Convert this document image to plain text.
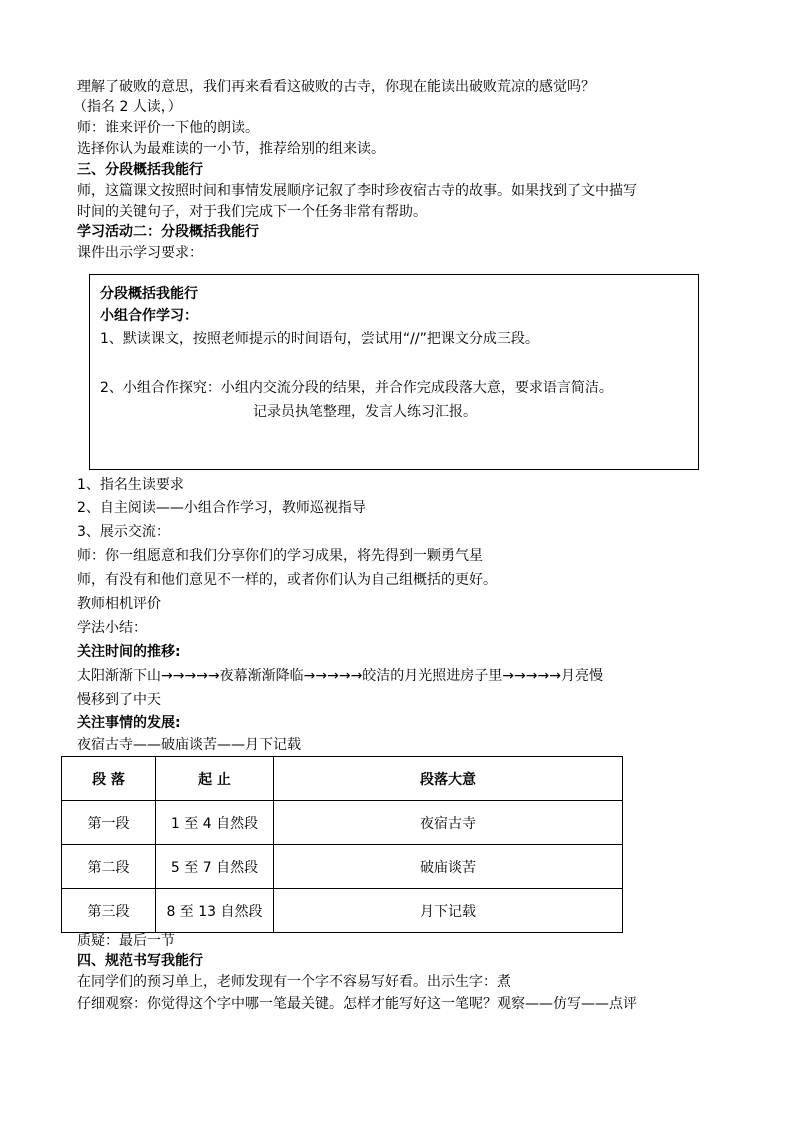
理解了破败的意思，我们再来看看这破败的古寺，你现在能读出破败荒凉的感觉吗？
（指名 2 人读，）
师：谁来评价一下他的朗读。
选择你认为最难读的一小节，推荐给别的组来读。
三、分段概括我能行
师，这篇课文按照时间和事情发展顺序记叙了李时珍夜宿古寺的故事。如果找到了文中描写
时间的关键句子，对于我们完成下一个任务非常有帮助。
学习活动二：分段概括我能行
课件出示学习要求：
分段概括我能行
小组合作学习：
1、默读课文，按照老师提示的时间语句，尝试用“//”把课文分成三段。
2、小组合作探究：小组内交流分段的结果，并合作完成段落大意，要求语言简洁。
记录员执笔整理，发言人练习汇报。
1、指名生读要求
2、自主阅读——小组合作学习，教师巡视指导
3、展示交流：
师：你一组愿意和我们分享你们的学习成果，将先得到一颗勇气星
师，有没有和他们意见不一样的，或者你们认为自己组概括的更好。
教师相机评价
学法小结：
关注时间的推移:
太阳渐渐下山→→→→→夜幕渐渐降临→→→→→皎洁的月光照进房子里→→→→→月亮慢
慢移到了中天
关注事情的发展:
夜宿古寺——破庙谈苦——月下记载
段 落	起 止	段落大意
第一段	1 至 4 自然段	夜宿古寺
第二段	5 至 7 自然段	破庙谈苦
第三段	8 至 13 自然段	月下记载
质疑：最后一节
四、规范书写我能行
在同学们的预习单上，老师发现有一个字不容易写好看。出示生字：煮
仔细观察：你觉得这个字中哪一笔最关键。怎样才能写好这一笔呢？观察——仿写——点评
